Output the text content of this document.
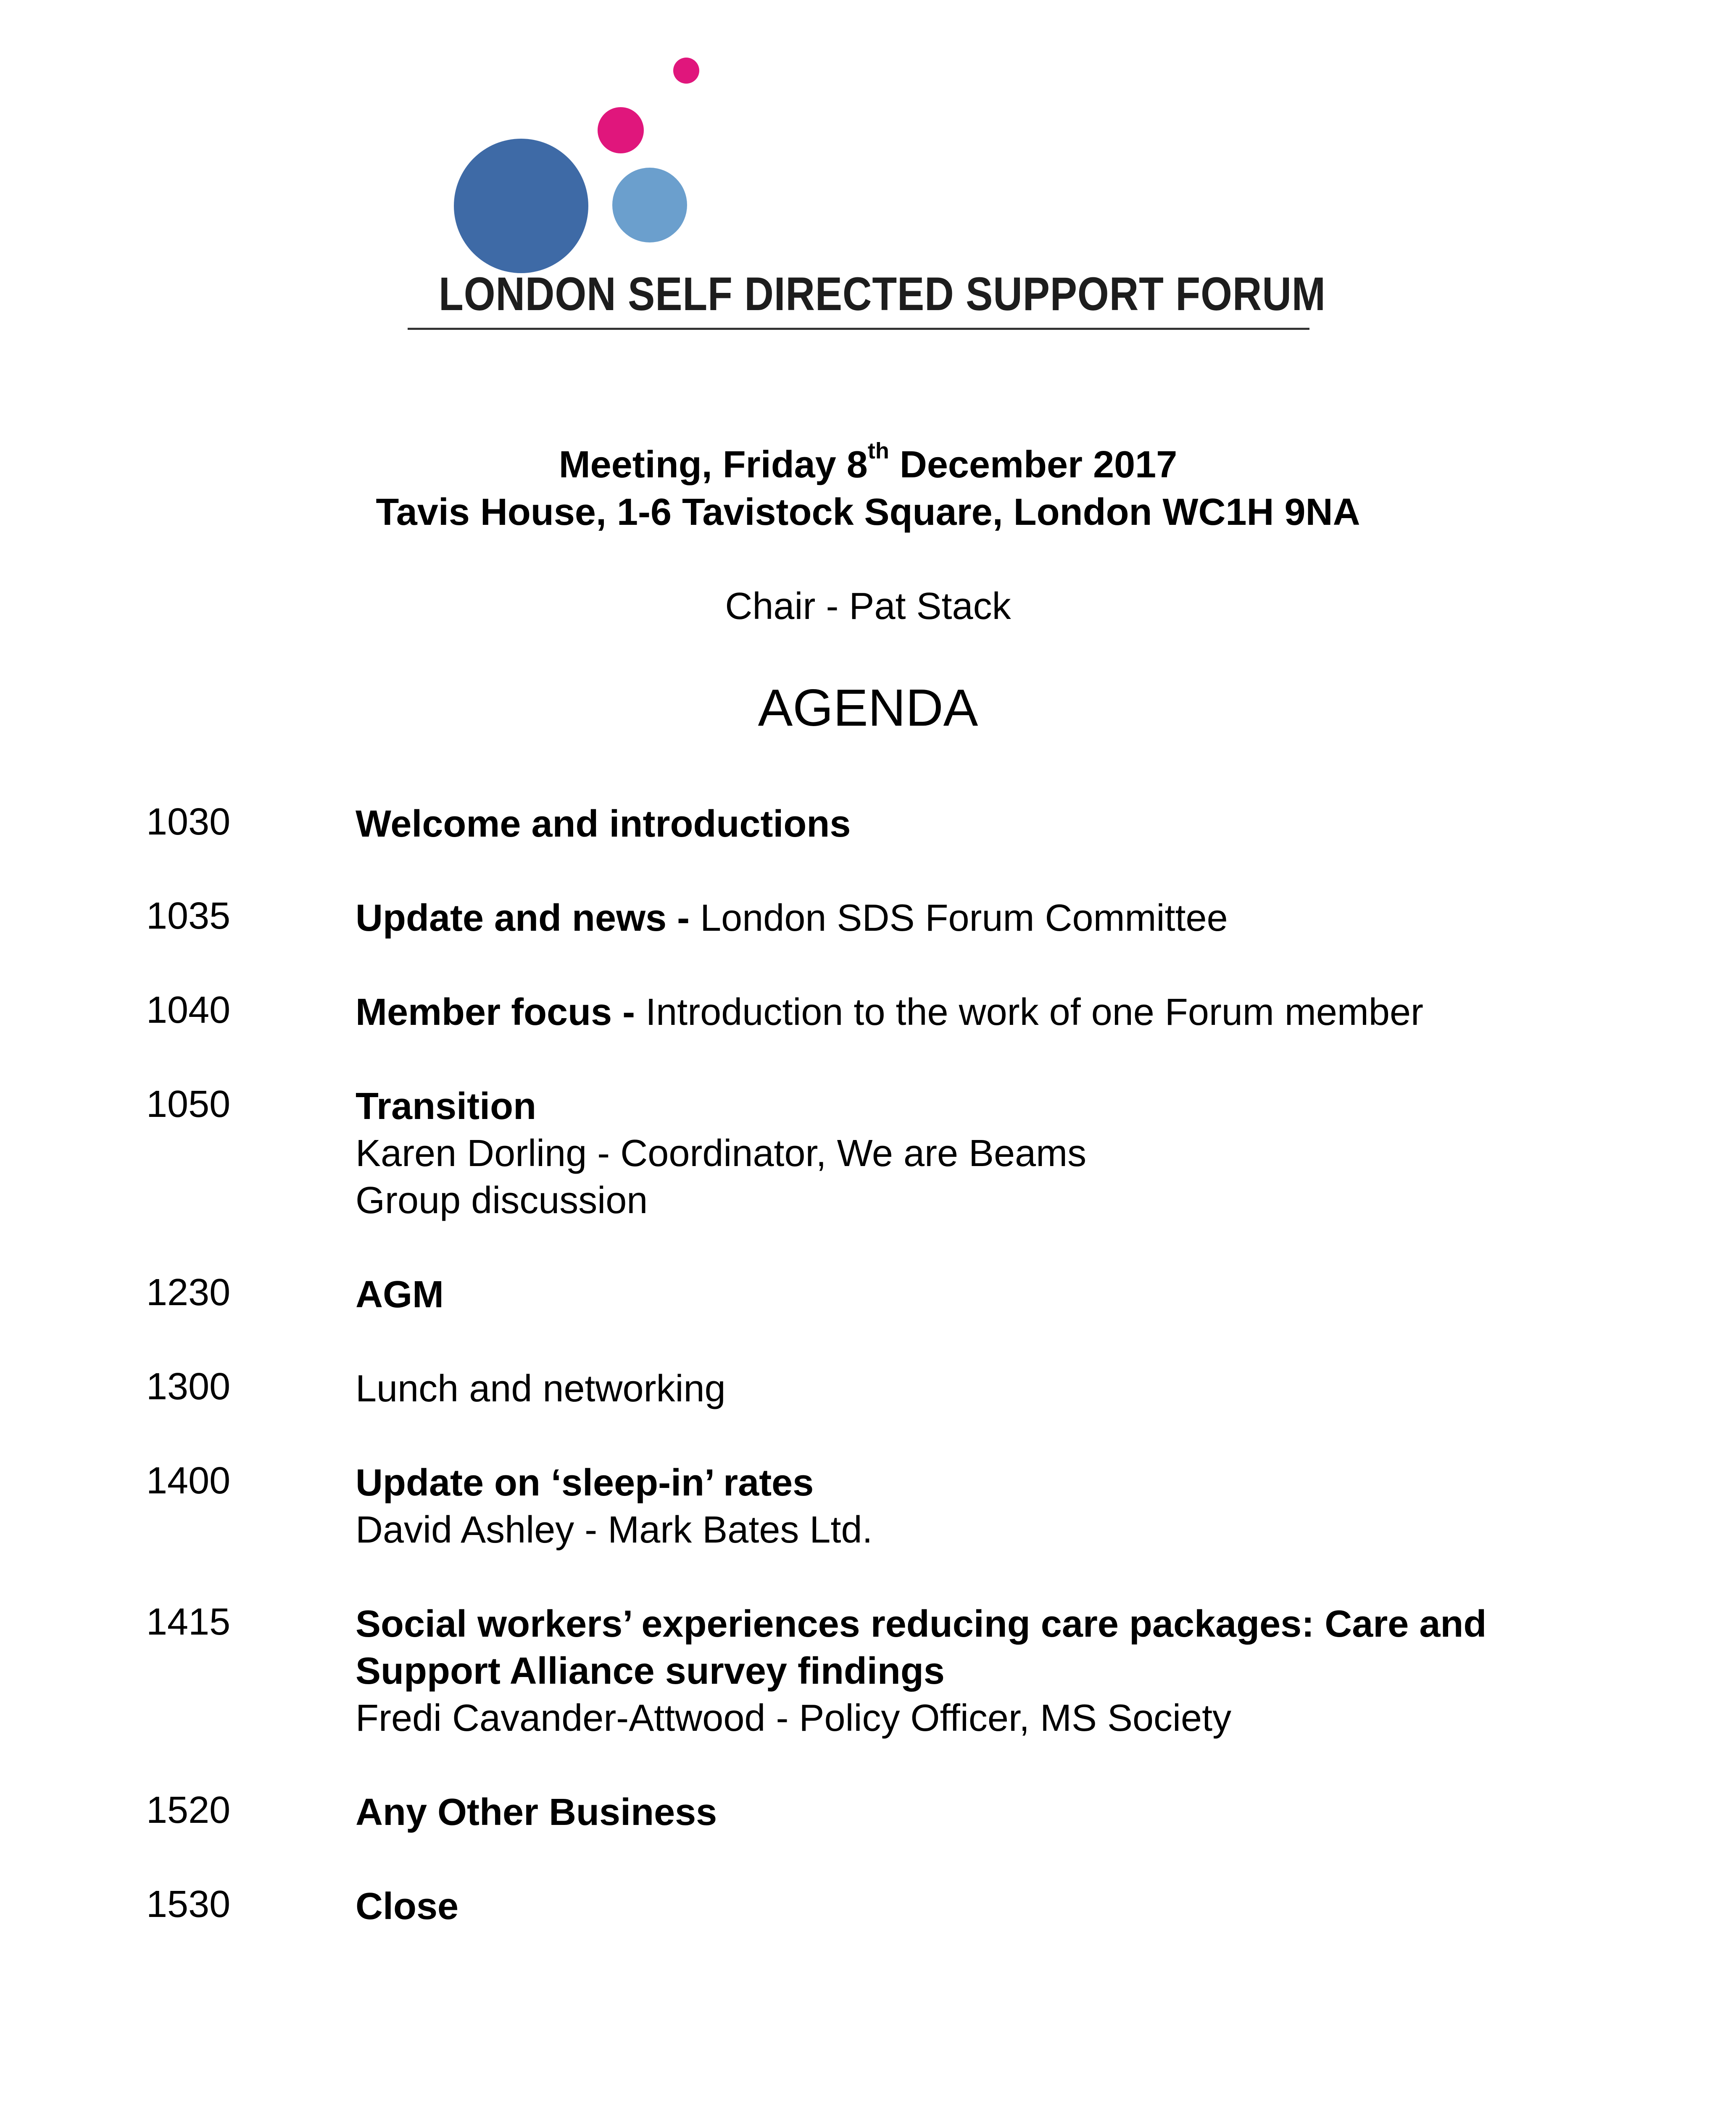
LONDON SELF DIRECTED SUPPORT FORUM
Meeting, Friday 8th December 2017
Tavis House, 1-6 Tavistock Square, London WC1H 9NA
Chair - Pat Stack
AGENDA
1030	Welcome and introductions
1035	Update and news - London SDS Forum Committee
1040	Member focus - Introduction to the work of one Forum member
1050	Transition
Karen Dorling - Coordinator, We are Beams
Group discussion
1230	AGM
1300	Lunch and networking
1400	Update on ‘sleep-in’ rates
David Ashley - Mark Bates Ltd.
1415	Social workers’ experiences reducing care packages: Care and Support Alliance survey findings
Fredi Cavander-Attwood - Policy Officer, MS Society
1520	Any Other Business
1530	Close
